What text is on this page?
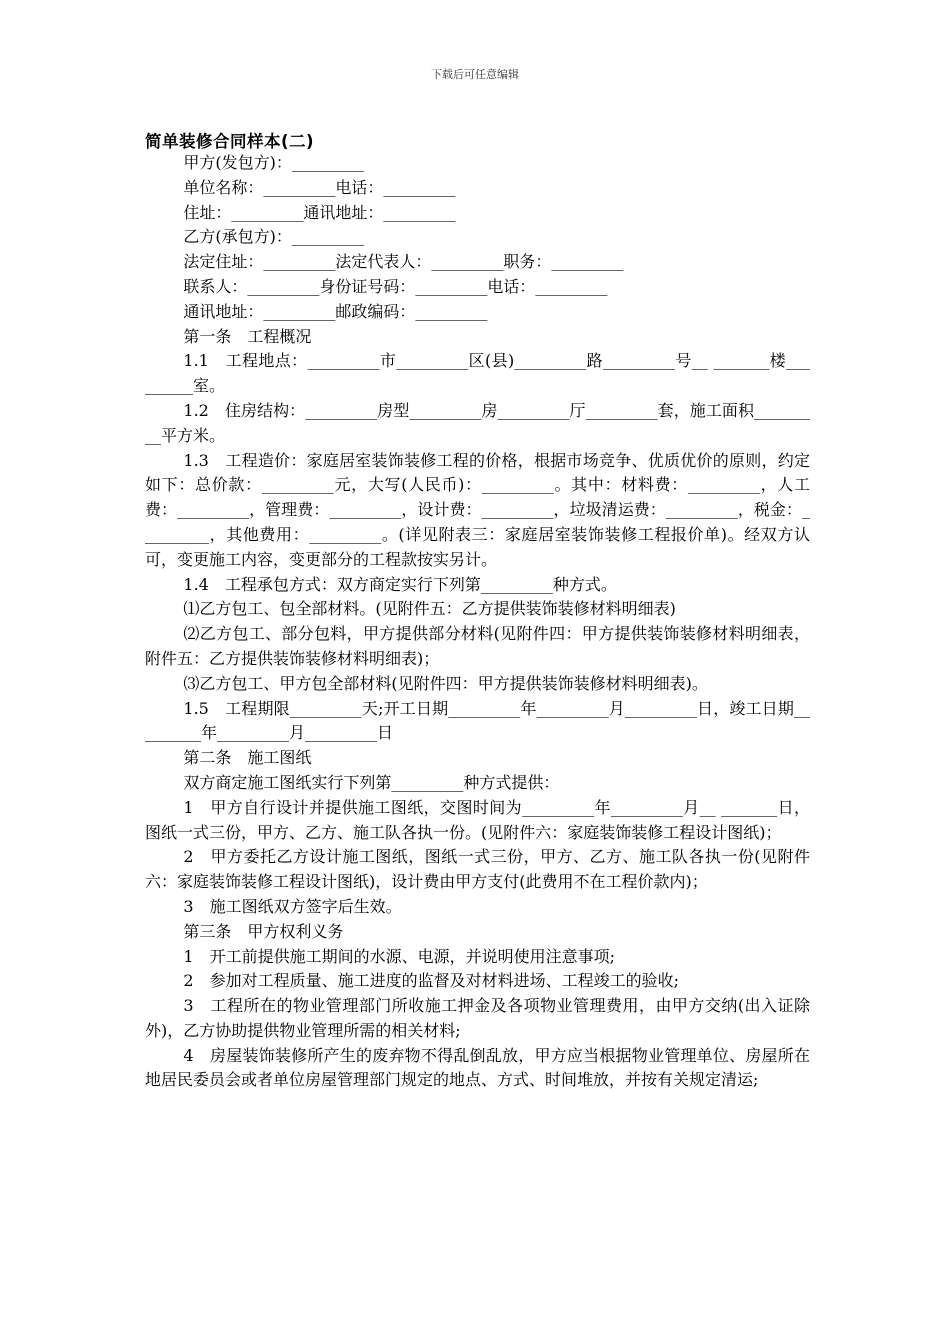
下载后可任意编辑
简单装修合同样本(二)

甲方(发包方)：_________

单位名称：_________电话：_________

住址：_________通讯地址：_________

乙方(承包方)：_________

法定住址：_________法定代表人：_________职务：_________

联系人：_________身份证号码：_________电话：_________

通讯地址：_________邮政编码：_________

第一条　工程概况

1.1　工程地点：_________市_________区(县)_________路_________号__ _______楼_________室。

1.2　住房结构：_________房型_________房_________厅_________套，施工面积_________平方米。

1.3　工程造价：家庭居室装饰装修工程的价格，根据市场竞争、优质优价的原则，约定如下：总价款：_________元，大写(人民币)：_________。其中：材料费：_________，人工费：_________，管理费：_________，设计费：_________，垃圾清运费：_________，税金：_________，其他费用：_________。(详见附表三：家庭居室装饰装修工程报价单)。经双方认可，变更施工内容，变更部分的工程款按实另计。

1.4　工程承包方式：双方商定实行下列第_________种方式。

⑴乙方包工、包全部材料。(见附件五：乙方提供装饰装修材料明细表)

⑵乙方包工、部分包料，甲方提供部分材料(见附件四：甲方提供装饰装修材料明细表，附件五：乙方提供装饰装修材料明细表)；

⑶乙方包工、甲方包全部材料(见附件四：甲方提供装饰装修材料明细表)。

1.5　工程期限_________天;开工日期_________年_________月_________日，竣工日期_________年_________月_________日

第二条　施工图纸

双方商定施工图纸实行下列第_________种方式提供：

1　甲方自行设计并提供施工图纸，交图时间为_________年_________月__ _______日，图纸一式三份，甲方、乙方、施工队各执一份。(见附件六：家庭装饰装修工程设计图纸)；

2　甲方委托乙方设计施工图纸，图纸一式三份，甲方、乙方、施工队各执一份(见附件六：家庭装饰装修工程设计图纸)，设计费由甲方支付(此费用不在工程价款内)；

3　施工图纸双方签字后生效。

第三条　甲方权利义务

1　开工前提供施工期间的水源、电源，并说明使用注意事项;

2　参加对工程质量、施工进度的监督及对材料进场、工程竣工的验收;

3　工程所在的物业管理部门所收施工押金及各项物业管理费用，由甲方交纳(出入证除外)，乙方协助提供物业管理所需的相关材料;

4　房屋装饰装修所产生的废弃物不得乱倒乱放，甲方应当根据物业管理单位、房屋所在地居民委员会或者单位房屋管理部门规定的地点、方式、时间堆放，并按有关规定清运;
